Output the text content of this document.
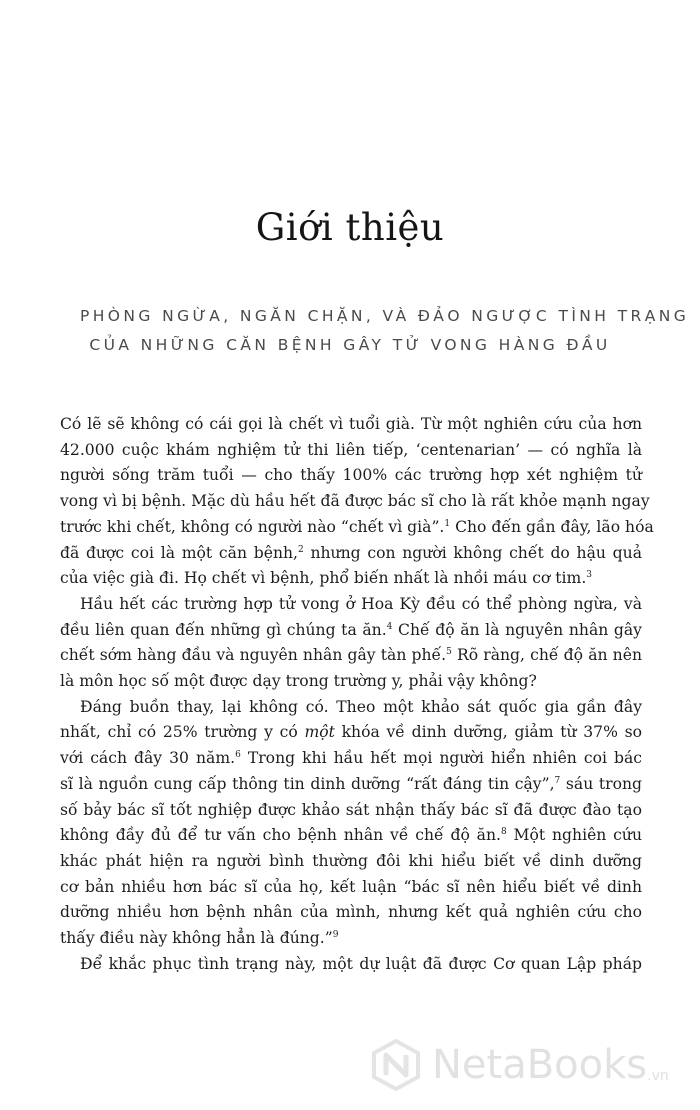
Giới thiệu
PHÒNG NGỪA, NGĂN CHẶN, VÀ ĐẢO NGƯỢC TÌNH TRẠNG
CỦA NHỮNG CĂN BỆNH GÂY TỬ VONG HÀNG ĐẦU

Có lẽ sẽ không có cái gọi là chết vì tuổi già. Từ một nghiên cứu của hơn
42.000 cuộc khám nghiệm tử thi liên tiếp, ‘centenarian’ — có nghĩa là
người sống trăm tuổi — cho thấy 100% các trường hợp xét nghiệm tử
vong vì bị bệnh. Mặc dù hầu hết đã được bác sĩ cho là rất khỏe mạnh ngay
trước khi chết, không có người nào “chết vì già”.$^1$ Cho đến gần đây, lão hóa
đã được coi là một căn bệnh,$^2$ nhưng con người không chết do hậu quả
của việc già đi. Họ chết vì bệnh, phổ biến nhất là nhồi máu cơ tim.$^3$

Hầu hết các trường hợp tử vong ở Hoa Kỳ đều có thể phòng ngừa, và
đều liên quan đến những gì chúng ta ăn.$^4$ Chế độ ăn là nguyên nhân gây
chết sớm hàng đầu và nguyên nhân gây tàn phế.$^5$ Rõ ràng, chế độ ăn nên
là môn học số một được dạy trong trường y, phải vậy không?

Đáng buồn thay, lại không có. Theo một khảo sát quốc gia gần đây
nhất, chỉ có 25% trường y có một khóa về dinh dưỡng, giảm từ 37% so
với cách đây 30 năm.$^6$ Trong khi hầu hết mọi người hiển nhiên coi bác
sĩ là nguồn cung cấp thông tin dinh dưỡng “rất đáng tin cậy”,$^7$ sáu trong
số bảy bác sĩ tốt nghiệp được khảo sát nhận thấy bác sĩ đã được đào tạo
không đầy đủ để tư vấn cho bệnh nhân về chế độ ăn.$^8$ Một nghiên cứu
khác phát hiện ra người bình thường đôi khi hiểu biết về dinh dưỡng
cơ bản nhiều hơn bác sĩ của họ, kết luận “bác sĩ nên hiểu biết về dinh
dưỡng nhiều hơn bệnh nhân của mình, nhưng kết quả nghiên cứu cho
thấy điều này không hẳn là đúng.”$^9$

Để khắc phục tình trạng này, một dự luật đã được Cơ quan Lập pháp

NetaBooks.vn
